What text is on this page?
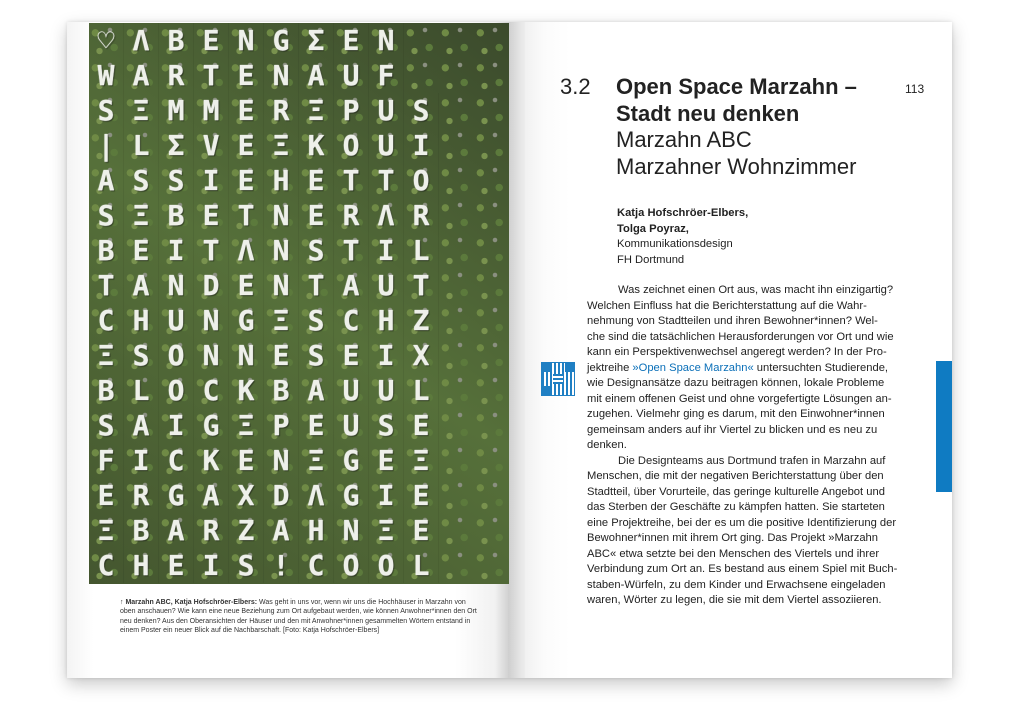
♡ Λ B E N G Σ E N
W A R T E N A U F
S Ξ M M E R Ξ P U S
| L Σ V E Ξ K O U I
A S S I E H E T T O
S Ξ B E T N E R Λ R
B E I T Λ N S T I L
T A N D E N T A U T
C H U N G Ξ S C H Z
Ξ S O N N E S E I X
B L O C K B A U U L
S A I G Ξ P E U S E
F I C K E N Ξ G E Ξ
E R G A X D Λ G I E
Ξ B A R Z A H N Ξ E
C H E I S ! C O O L
↑ Marzahn ABC, Katja Hofschröer-Elbers: Was geht in uns vor, wenn wir uns die Hochhäuser in Marzahn von oben anschauen? Wie kann eine neue Beziehung zum Ort aufgebaut werden, wie können Anwohner*innen den Ort neu denken? Aus den Oberansichten der Häuser und den mit Anwohner*innen gesammelten Wörtern entstand in einem Poster ein neuer Blick auf die Nachbarschaft. [Foto: Katja Hofschröer-Elbers]
3.2 Open Space Marzahn –
Stadt neu denken
Marzahn ABC
Marzahner Wohnzimmer
113
Katja Hofschröer-Elbers,
Tolga Poyraz,
Kommunikationsdesign
FH Dortmund
Was zeichnet einen Ort aus, was macht ihn einzigartig?
Welchen Einfluss hat die Berichterstattung auf die Wahr-
nehmung von Stadtteilen und ihren Bewohner*innen? Wel-
che sind die tatsächlichen Herausforderungen vor Ort und wie
kann ein Perspektivenwechsel angeregt werden? In der Pro-
jektreihe »Open Space Marzahn« untersuchten Studierende,
wie Designansätze dazu beitragen können, lokale Probleme
mit einem offenen Geist und ohne vorgefertigte Lösungen an-
zugehen. Vielmehr ging es darum, mit den Einwohner*innen
gemeinsam anders auf ihr Viertel zu blicken und es neu zu
denken.
Die Designteams aus Dortmund trafen in Marzahn auf
Menschen, die mit der negativen Berichterstattung über den
Stadtteil, über Vorurteile, das geringe kulturelle Angebot und
das Sterben der Geschäfte zu kämpfen hatten. Sie starteten
eine Projektreihe, bei der es um die positive Identifizierung der
Bewohner*innen mit ihrem Ort ging. Das Projekt »Marzahn
ABC« etwa setzte bei den Menschen des Viertels und ihrer
Verbindung zum Ort an. Es bestand aus einem Spiel mit Buch-
staben-Würfeln, zu dem Kinder und Erwachsene eingeladen
waren, Wörter zu legen, die sie mit dem Viertel assoziieren.
